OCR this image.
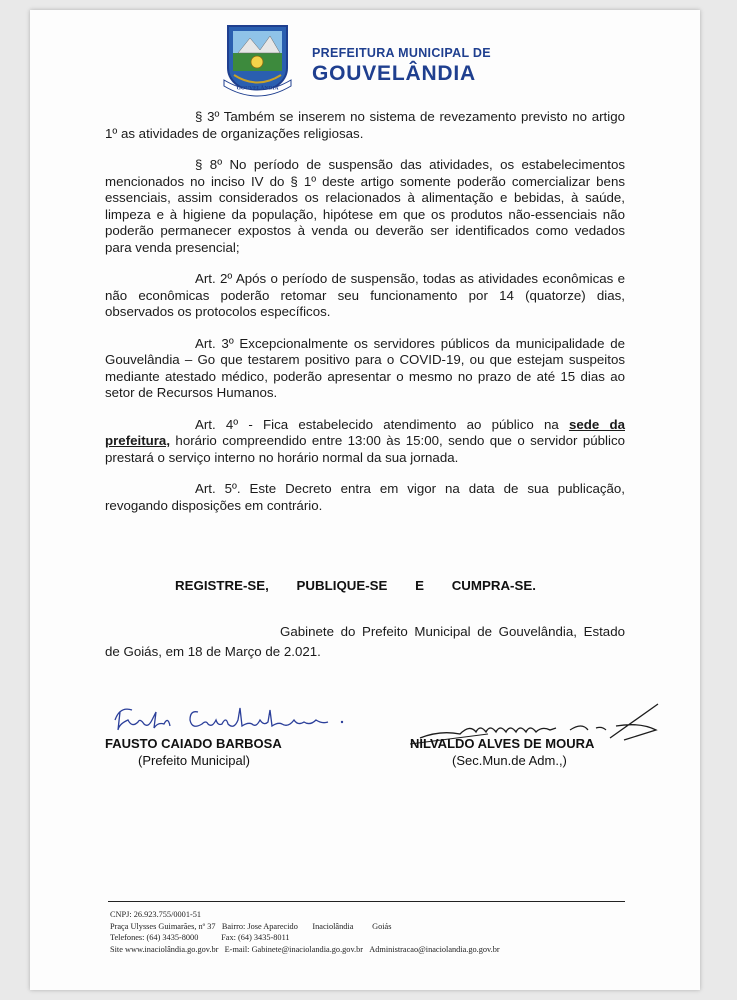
GOUVELÂNDIA
PREFEITURA MUNICIPAL DE
GOUVELÂNDIA

§ 3º Também se inserem no sistema de revezamento previsto no artigo 1º as atividades de organizações religiosas.

§ 8º No período de suspensão das atividades, os estabelecimentos mencionados no inciso IV do § 1º deste artigo somente poderão comercializar bens essenciais, assim considerados os relacionados à alimentação e bebidas, à saúde, limpeza e à higiene da população, hipótese em que os produtos não-essenciais não poderão permanecer expostos à venda ou deverão ser identificados como vedados para venda presencial;

Art. 2º Após o período de suspensão, todas as atividades econômicas e não econômicas poderão retomar seu funcionamento por 14 (quatorze) dias, observados os protocolos específicos.

Art. 3º Excepcionalmente os servidores públicos da municipalidade de Gouvelândia – Go que testarem positivo para o COVID-19, ou que estejam suspeitos mediante atestado médico, poderão apresentar o mesmo no prazo de até 15 dias ao setor de Recursos Humanos.

Art. 4º - Fica estabelecido atendimento ao público na sede da prefeitura, horário compreendido entre 13:00 às 15:00, sendo que o servidor público prestará o serviço interno no horário normal da sua jornada.

Art. 5º. Este Decreto entra em vigor na data de sua publicação, revogando disposições em contrário.

REGISTRE-SE, PUBLIQUE-SE E CUMPRA-SE.
Gabinete do Prefeito Municipal de Gouvelândia, Estado de Goiás, em 18 de Março de 2.021.
FAUSTO CAIADO BARBOSA
(Prefeito Municipal)
NILVALDO ALVES DE MOURA
(Sec.Mun.de Adm.,)
CNPJ: 26.923.755/0001-51
Praça Ulysses Guimarães, nº 37 Bairro: Jose Aparecido Inaciolândia Goiás
Telefones: (64) 3435-8000	Fax: (64) 3435-8011
Site www.inaciolândia.go.gov.br E-mail: Gabinete@inaciolandia.go.gov.br Administracao@inaciolandia.go.gov.br
